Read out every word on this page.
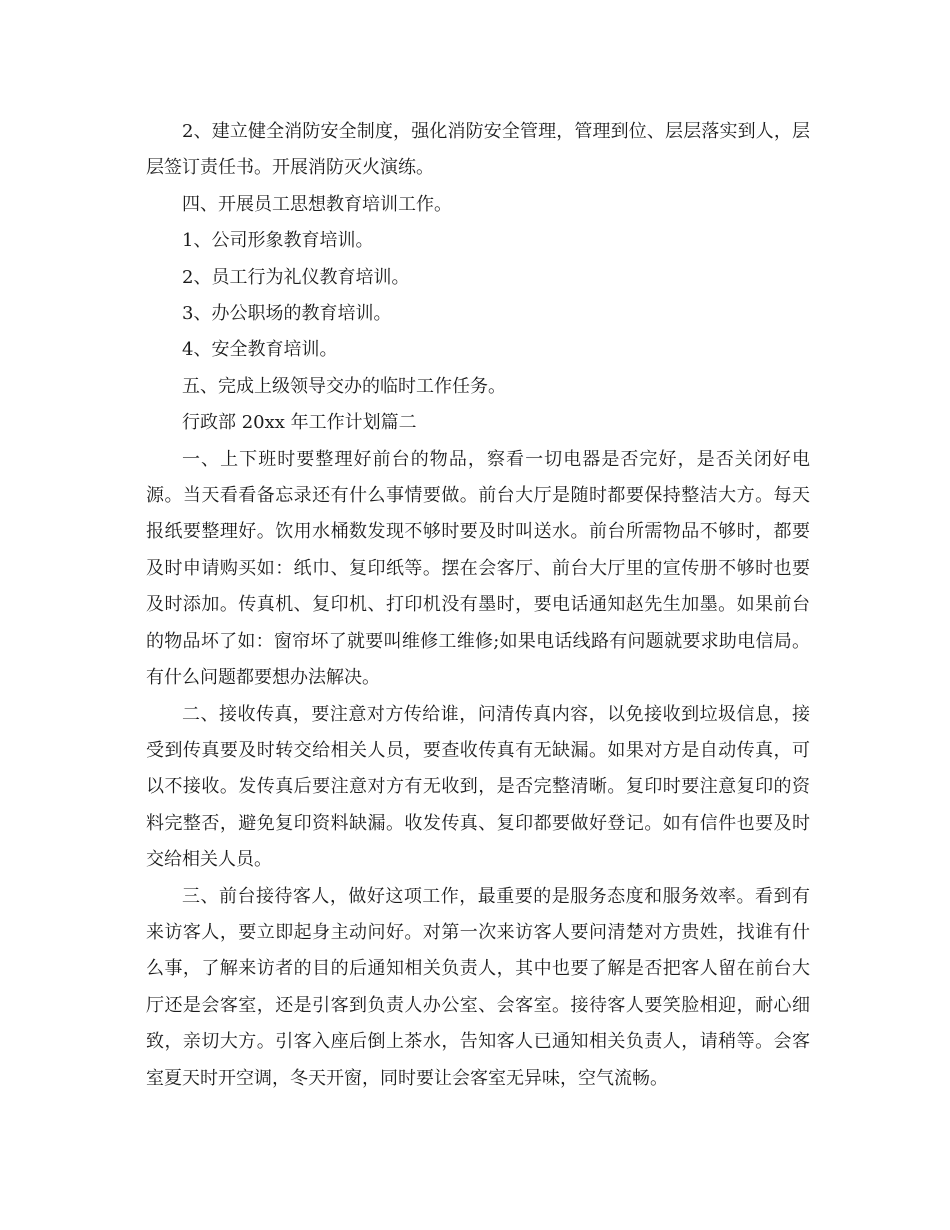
2、建立健全消防安全制度，强化消防安全管理，管理到位、层层落实到人，层层签订责任书。开展消防灭火演练。

四、开展员工思想教育培训工作。

1、公司形象教育培训。

2、员工行为礼仪教育培训。

3、办公职场的教育培训。

4、安全教育培训。

五、完成上级领导交办的临时工作任务。

行政部 20xx 年工作计划篇二

一、上下班时要整理好前台的物品，察看一切电器是否完好，是否关闭好电源。当天看看备忘录还有什么事情要做。前台大厅是随时都要保持整洁大方。每天报纸要整理好。饮用水桶数发现不够时要及时叫送水。前台所需物品不够时，都要及时申请购买如：纸巾、复印纸等。摆在会客厅、前台大厅里的宣传册不够时也要及时添加。传真机、复印机、打印机没有墨时，要电话通知赵先生加墨。如果前台的物品坏了如：窗帘坏了就要叫维修工维修;如果电话线路有问题就要求助电信局。有什么问题都要想办法解决。

二、接收传真，要注意对方传给谁，问清传真内容，以免接收到垃圾信息，接受到传真要及时转交给相关人员，要查收传真有无缺漏。如果对方是自动传真，可以不接收。发传真后要注意对方有无收到，是否完整清晰。复印时要注意复印的资料完整否，避免复印资料缺漏。收发传真、复印都要做好登记。如有信件也要及时交给相关人员。

三、前台接待客人，做好这项工作，最重要的是服务态度和服务效率。看到有来访客人，要立即起身主动问好。对第一次来访客人要问清楚对方贵姓，找谁有什么事，了解来访者的目的后通知相关负责人，其中也要了解是否把客人留在前台大厅还是会客室，还是引客到负责人办公室、会客室。接待客人要笑脸相迎，耐心细致，亲切大方。引客入座后倒上茶水，告知客人已通知相关负责人，请稍等。会客室夏天时开空调，冬天开窗，同时要让会客室无异味，空气流畅。
